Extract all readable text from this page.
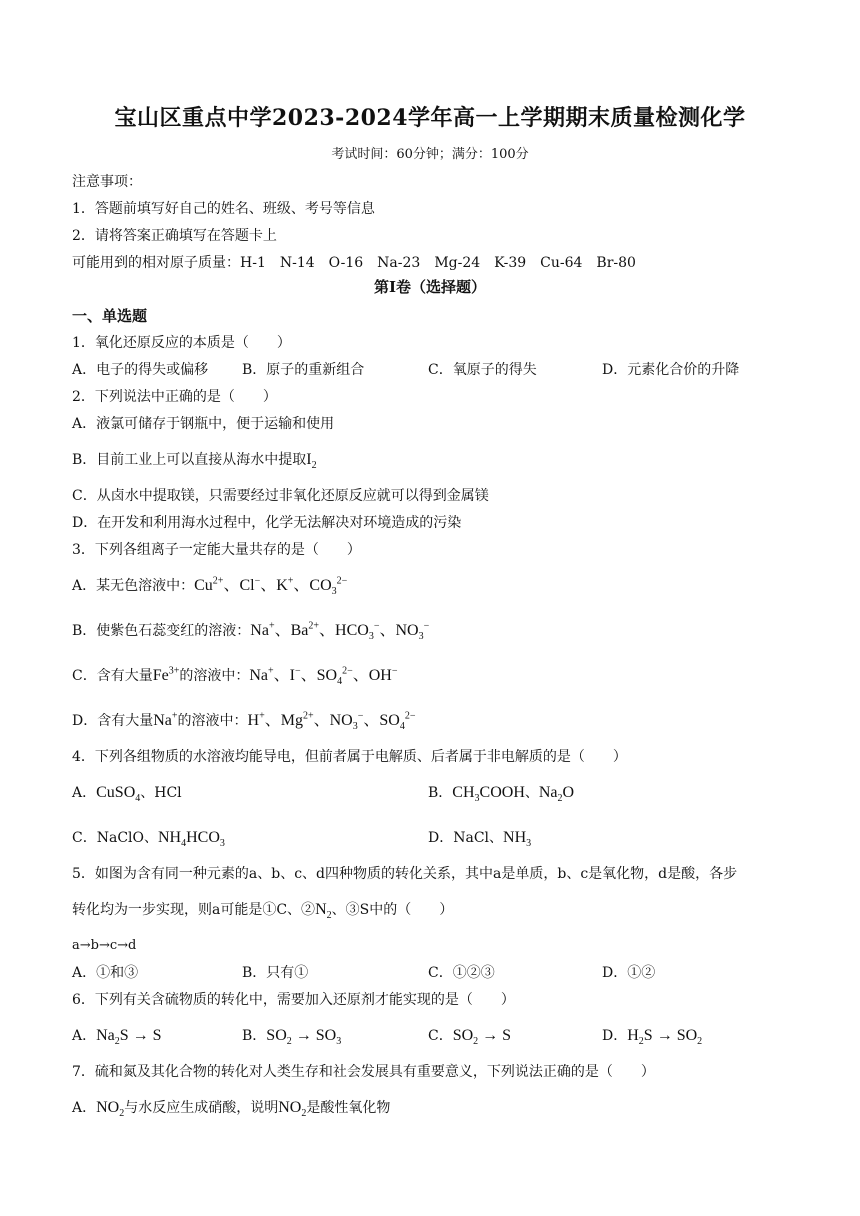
宝山区重点中学2023-2024学年高一上学期期末质量检测化学
考试时间：60分钟；满分：100分
注意事项：
1．答题前填写好自己的姓名、班级、考号等信息
2．请将答案正确填写在答题卡上
可能用到的相对原子质量：H-1　N-14　O-16　Na-23　Mg-24　K-39　Cu-64　Br-80
第Ⅰ卷（选择题）
一、单选题
1．氧化还原反应的本质是（　　）
A．电子的得失或偏移 B．原子的重新组合	C．氧原子的得失	D．元素化合价的升降
2．下列说法中正确的是（　　）
A．液氯可储存于钢瓶中，便于运输和使用
B．目前工业上可以直接从海水中提取$I_2$
C．从卤水中提取镁，只需要经过非氧化还原反应就可以得到金属镁
D．在开发和利用海水过程中，化学无法解决对环境造成的污染
3．下列各组离子一定能大量共存的是（　　）
A．某无色溶液中：$Cu^{2+}$、Cl−、K+、$CO_3^{2-}$
B．使紫色石蕊变红的溶液：Na+、$Ba^{2+}$、$HCO_3^-$、$NO_3^-$
C．含有大量$Fe^{3+}$的溶液中：Na+、I−、$SO_4^{2-}$、OH−
D．含有大量Na+的溶液中：H+、$Mg^{2+}$、$NO_3^-$、$SO_4^{2-}$
4．下列各组物质的水溶液均能导电，但前者属于电解质、后者属于非电解质的是（　　）
A．CuSO$_4$、HCl	B．$CH_3COOH$、$Na_2O$
C．NaClO、$NH_4HCO_3$	D．NaCl、$NH_3$
5．如图为含有同一种元素的a、b、c、d四种物质的转化关系，其中a是单质，b、c是氧化物，d是酸，各步
转化均为一步实现，则a可能是①C、$②N_2$、③S中的（　　）
a→b→c→d
A．①和③	B．只有①	C．①②③	D．①②
6．下列有关含硫物质的转化中，需要加入还原剂才能实现的是（　　）
A．$Na_2S \to S$	B．$SO_2 \to SO_3$	C．$SO_2 \to S$	D．$H_2S \to SO_2$
7．硫和氮及其化合物的转化对人类生存和社会发展具有重要意义，下列说法正确的是（　　）
A．$NO_2$与水反应生成硝酸，说明$NO_2$是酸性氧化物
